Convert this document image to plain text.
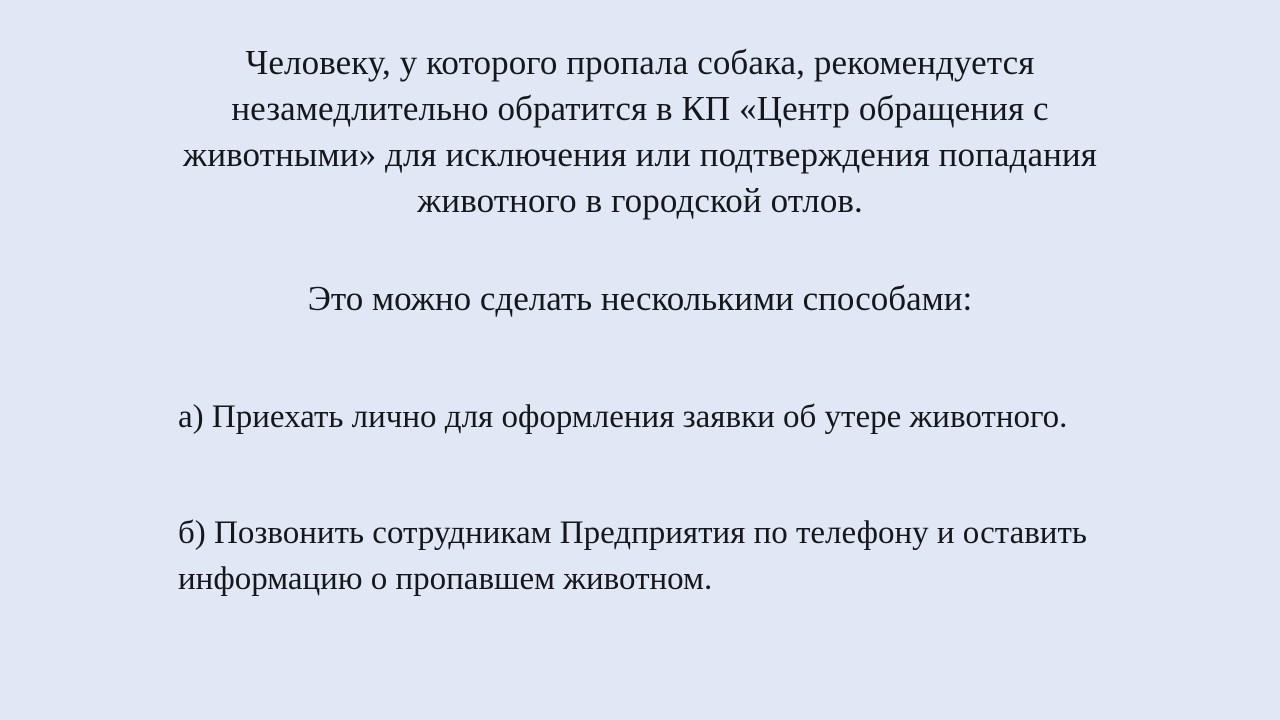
Человеку, у которого пропала собака, рекомендуется
незамедлительно обратится в КП «Центр обращения с
животными» для исключения или подтверждения попадания
животного в городской отлов.
Это можно сделать несколькими способами:
а) Приехать лично для оформления заявки об утере животного.
б) Позвонить сотрудникам Предприятия по телефону и оставить
информацию о пропавшем животном.
